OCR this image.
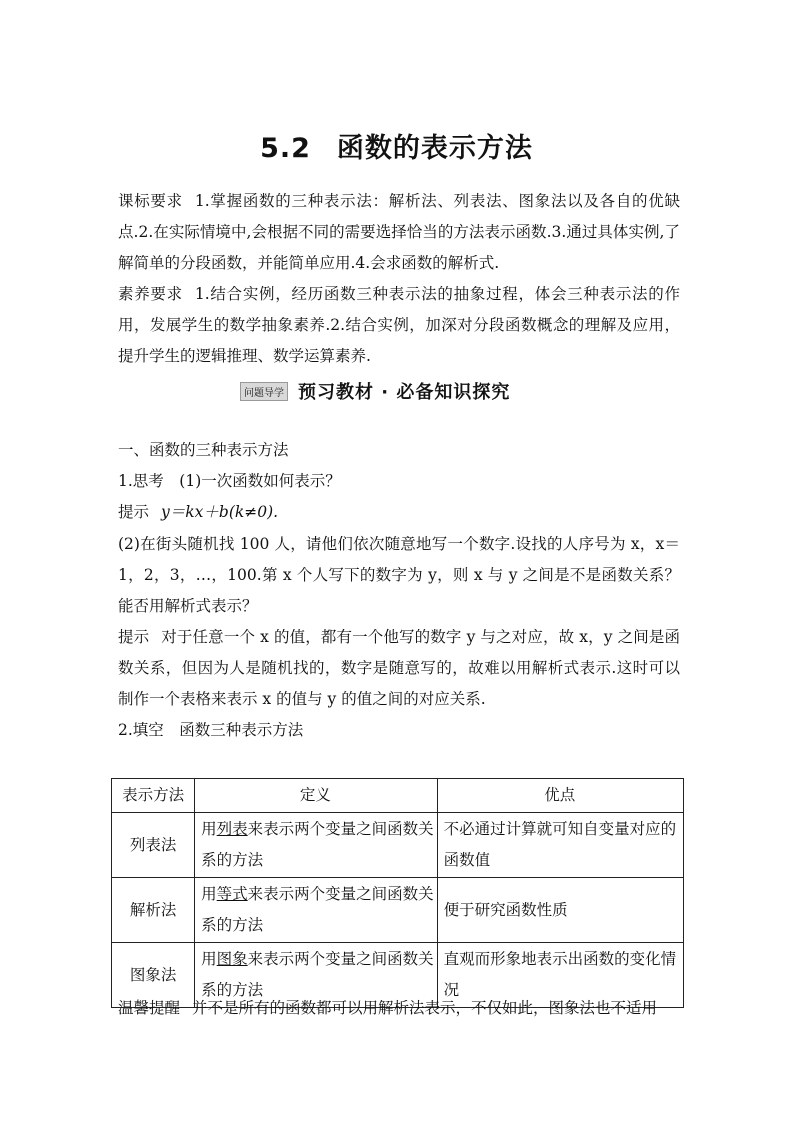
5.2 函数的表示方法
课标要求 1.掌握函数的三种表示法：解析法、列表法、图象法以及各自的优缺点.2.在实际情境中,会根据不同的需要选择恰当的方法表示函数.3.通过具体实例,了解简单的分段函数，并能简单应用.4.会求函数的解析式.
素养要求 1.结合实例，经历函数三种表示法的抽象过程，体会三种表示法的作用，发展学生的数学抽象素养.2.结合实例，加深对分段函数概念的理解及应用，提升学生的逻辑推理、数学运算素养.
问题导学 预习教材 · 必备知识探究
一、函数的三种表示方法
1.思考　(1)一次函数如何表示？
提示 y＝kx＋b(k≠0).
(2)在街头随机找 100 人，请他们依次随意地写一个数字.设找的人序号为 x，x＝1，2，3，…，100.第 x 个人写下的数字为 y，则 x 与 y 之间是不是函数关系？能否用解析式表示？
提示 对于任意一个 x 的值，都有一个他写的数字 y 与之对应，故 x，y 之间是函数关系，但因为人是随机找的，数字是随意写的，故难以用解析式表示.这时可以制作一个表格来表示 x 的值与 y 的值之间的对应关系.
2.填空　函数三种表示方法
表示方法	定义	优点
列表法	用列表来表示两个变量之间函数关系的方法	不必通过计算就可知自变量对应的函数值
解析法	用等式来表示两个变量之间函数关系的方法	便于研究函数性质
图象法	用图象来表示两个变量之间函数关系的方法	直观而形象地表示出函数的变化情况
温馨提醒 并不是所有的函数都可以用解析法表示，不仅如此，图象法也不适用
